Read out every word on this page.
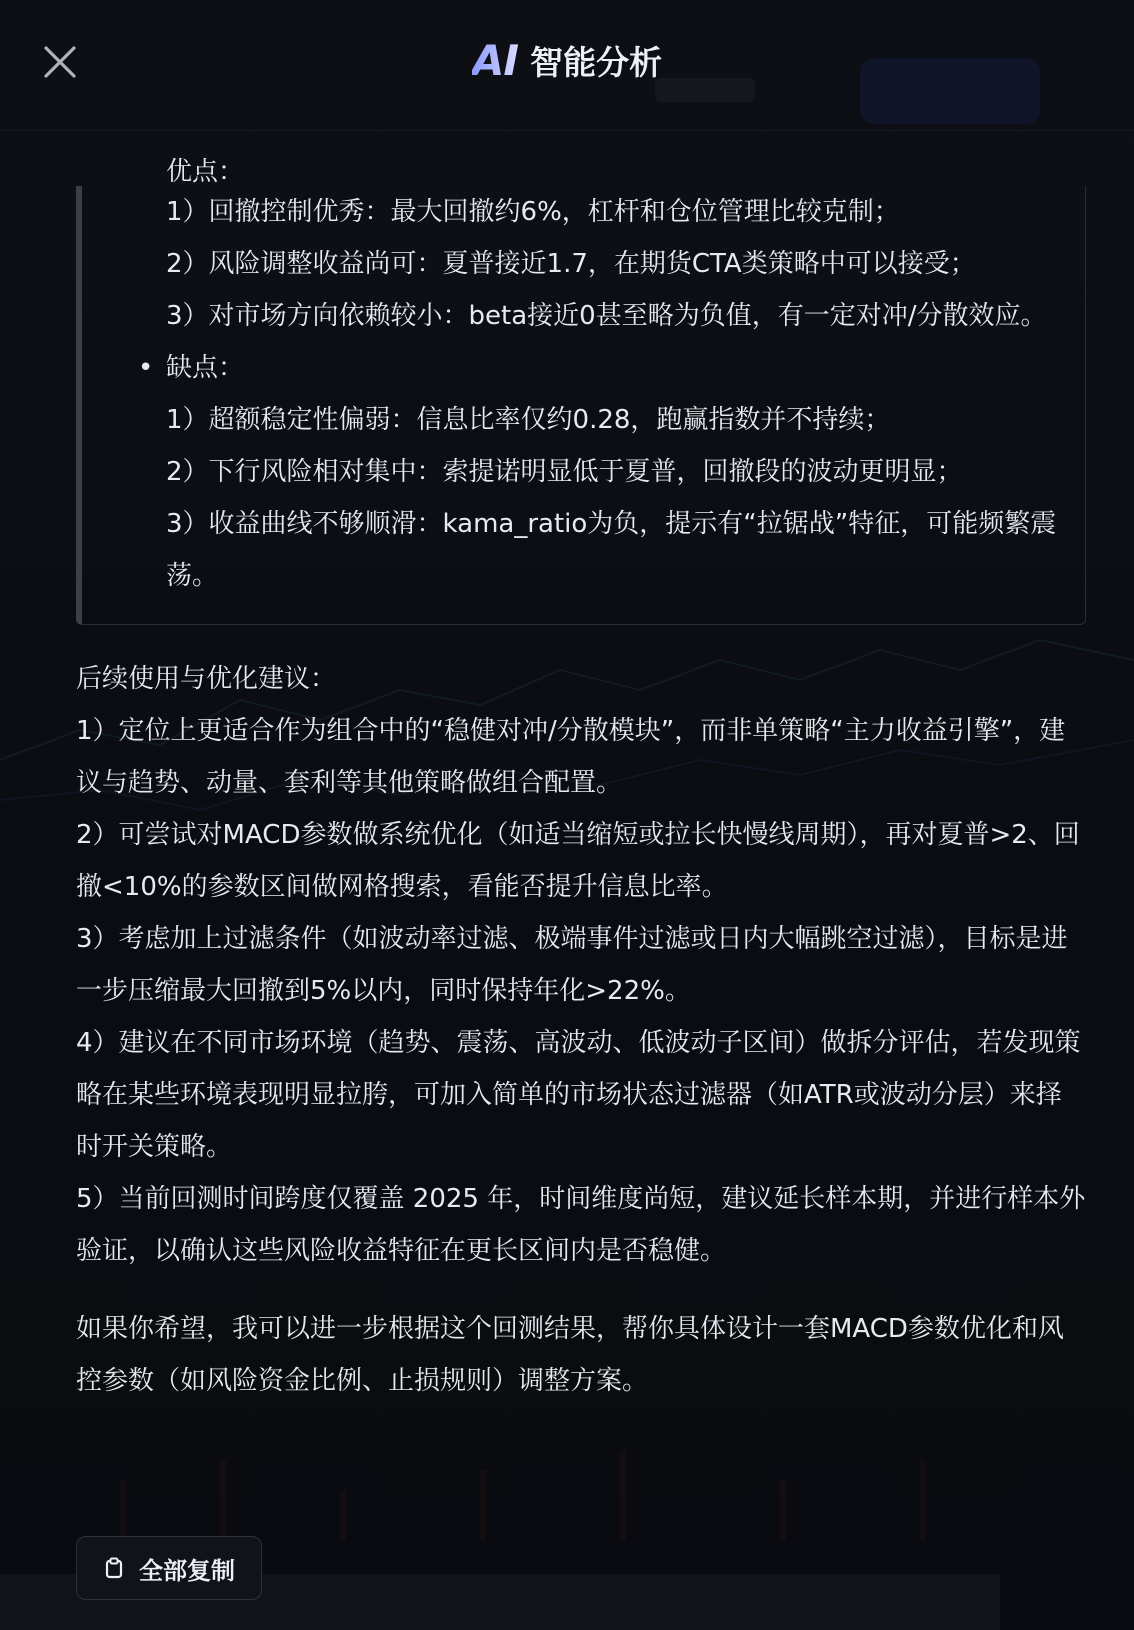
AI 智能分析
优点：
1）回撤控制优秀：最大回撤约6%，杠杆和仓位管理比较克制；
2）风险调整收益尚可：夏普接近1.7，在期货CTA类策略中可以接受；
3）对市场方向依赖较小：beta接近0甚至略为负值，有一定对冲/分散效应。
• 缺点：
1）超额稳定性偏弱：信息比率仅约0.28，跑赢指数并不持续；
2）下行风险相对集中：索提诺明显低于夏普，回撤段的波动更明显；
3）收益曲线不够顺滑：kama_ratio为负，提示有“拉锯战”特征，可能频繁震荡。
后续使用与优化建议：
1）定位上更适合作为组合中的“稳健对冲/分散模块”，而非单策略“主力收益引擎”，建议与趋势、动量、套利等其他策略做组合配置。
2）可尝试对MACD参数做系统优化（如适当缩短或拉长快慢线周期），再对夏普>2、回撤<10%的参数区间做网格搜索，看能否提升信息比率。
3）考虑加上过滤条件（如波动率过滤、极端事件过滤或日内大幅跳空过滤），目标是进一步压缩最大回撤到5%以内，同时保持年化>22%。
4）建议在不同市场环境（趋势、震荡、高波动、低波动子区间）做拆分评估，若发现策略在某些环境表现明显拉胯，可加入简单的市场状态过滤器（如ATR或波动分层）来择时开关策略。
5）当前回测时间跨度仅覆盖 2025 年，时间维度尚短，建议延长样本期，并进行样本外验证，以确认这些风险收益特征在更长区间内是否稳健。
如果你希望，我可以进一步根据这个回测结果，帮你具体设计一套MACD参数优化和风控参数（如风险资金比例、止损规则）调整方案。
全部复制
